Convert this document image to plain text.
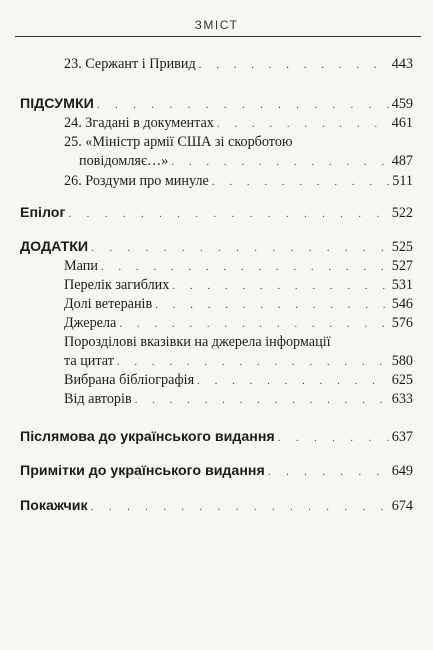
ЗМІСТ
23. Сержант і Привид . . .	443
ПІДСУМКИ . . .	459
24. Згадані в документах . . .	461
25. «Міністр армії США зі скорботою
повідомляє…» . . .	487
26. Роздуми про минуле . . .	511
Епілог . . .	522
ДОДАТКИ . . .	525
Мапи . . .	527
Перелік загиблих . . .	531
Долі ветеранів . . .	546
Джерела . . .	576
Порозділові вказівки на джерела інформації
та цитат . . .	580
Вибрана бібліографія . . .	625
Від авторів . . .	633
Післямова до українського видання . . .	637
Примітки до українського видання . . .	649
Покажчик . . .	674
